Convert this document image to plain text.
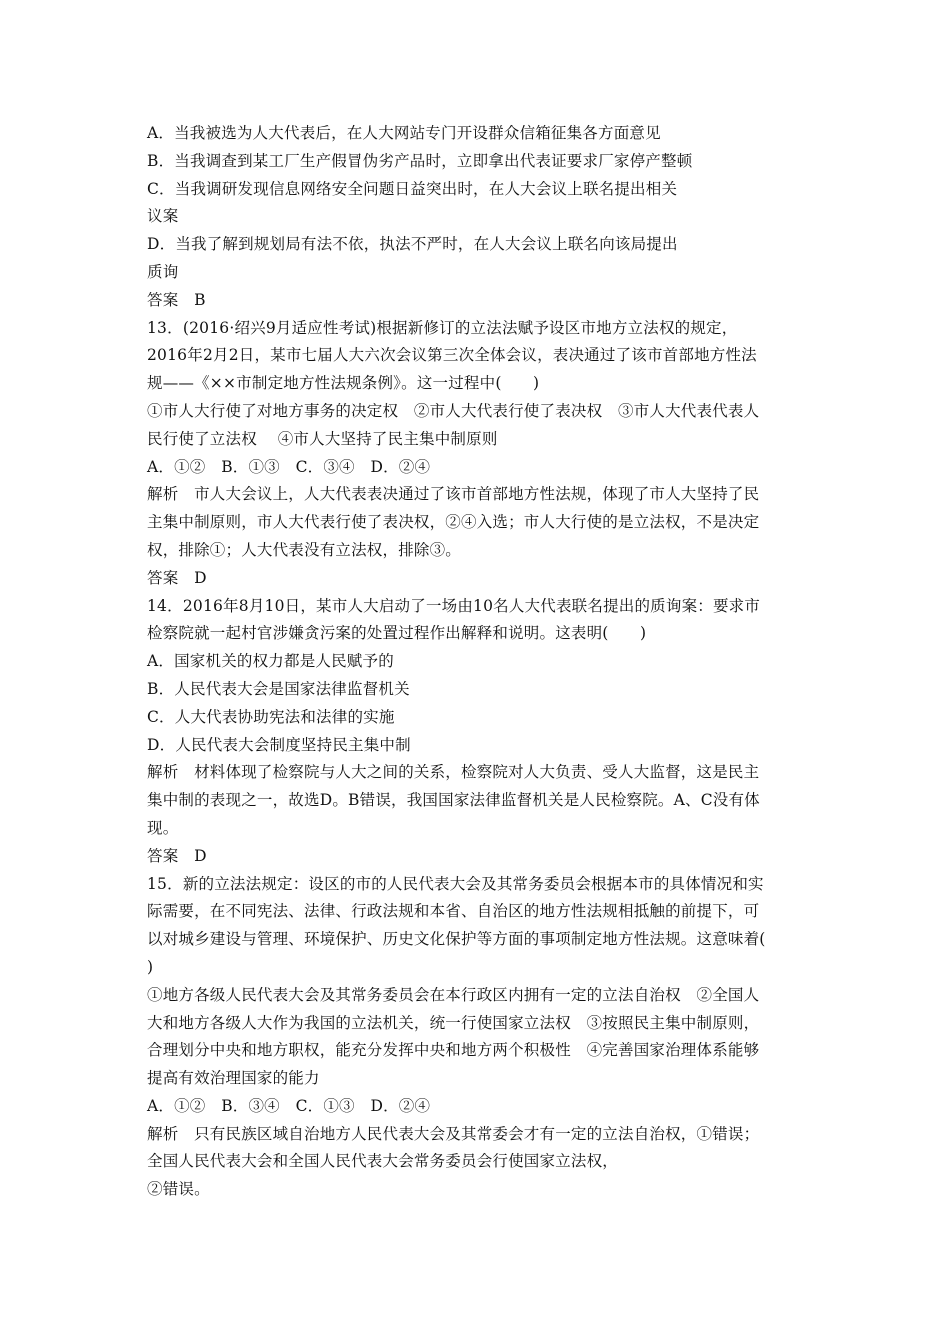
A．当我被选为人大代表后，在人大网站专门开设群众信箱征集各方面意见
B．当我调查到某工厂生产假冒伪劣产品时，立即拿出代表证要求厂家停产整顿
C．当我调研发现信息网络安全问题日益突出时，在人大会议上联名提出相关
议案
D．当我了解到规划局有法不依，执法不严时，在人大会议上联名向该局提出
质询
答案　B
13．(2016·绍兴9月适应性考试)根据新修订的立法法赋予设区市地方立法权的规定，
2016年2月2日，某市七届人大六次会议第三次全体会议，表决通过了该市首部地方性法
规——《××市制定地方性法规条例》。这一过程中(　　)
①市人大行使了对地方事务的决定权　②市人大代表行使了表决权　③市人大代表代表人
民行使了立法权　 ④市人大坚持了民主集中制原则
A．①②　B．①③　C．③④　D．②④
解析　市人大会议上，人大代表表决通过了该市首部地方性法规，体现了市人大坚持了民
主集中制原则，市人大代表行使了表决权，②④入选；市人大行使的是立法权，不是决定
权，排除①；人大代表没有立法权，排除③。
答案　D
14．2016年8月10日，某市人大启动了一场由10名人大代表联名提出的质询案：要求市
检察院就一起村官涉嫌贪污案的处置过程作出解释和说明。这表明(　　)
A．国家机关的权力都是人民赋予的
B．人民代表大会是国家法律监督机关
C．人大代表协助宪法和法律的实施
D．人民代表大会制度坚持民主集中制
解析　材料体现了检察院与人大之间的关系，检察院对人大负责、受人大监督，这是民主
集中制的表现之一，故选D。B错误，我国国家法律监督机关是人民检察院。A、C没有体
现。
答案　D
15．新的立法法规定：设区的市的人民代表大会及其常务委员会根据本市的具体情况和实
际需要，在不同宪法、法律、行政法规和本省、自治区的地方性法规相抵触的前提下，可
以对城乡建设与管理、环境保护、历史文化保护等方面的事项制定地方性法规。这意味着(
)
①地方各级人民代表大会及其常务委员会在本行政区内拥有一定的立法自治权　②全国人
大和地方各级人大作为我国的立法机关，统一行使国家立法权　③按照民主集中制原则，
合理划分中央和地方职权，能充分发挥中央和地方两个积极性　④完善国家治理体系能够
提高有效治理国家的能力
A．①②　B．③④　C．①③　D．②④
解析　只有民族区域自治地方人民代表大会及其常委会才有一定的立法自治权，①错误；
全国人民代表大会和全国人民代表大会常务委员会行使国家立法权，
②错误。
